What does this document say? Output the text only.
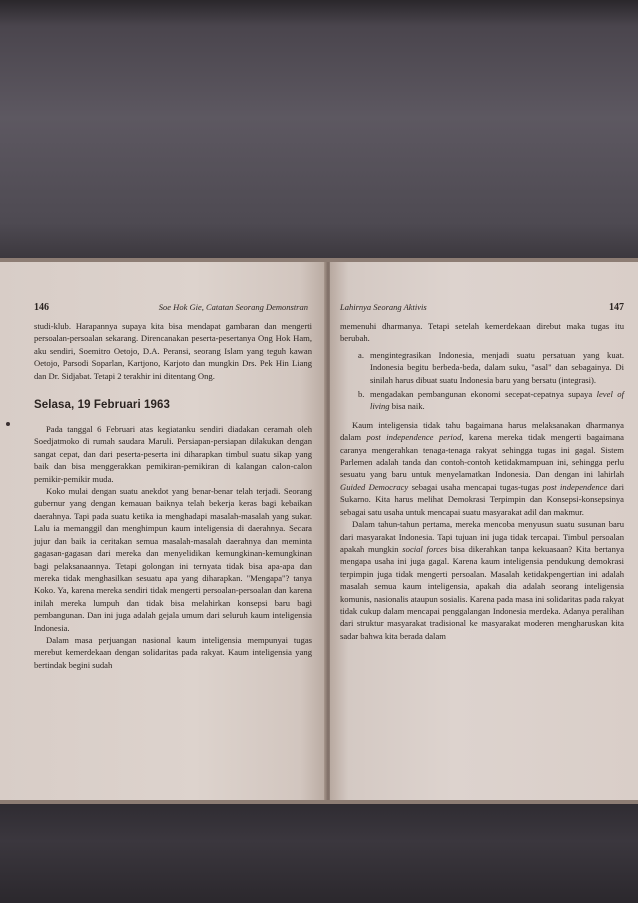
146	Soe Hok Gie, Catatan Seorang Demonstran

studi-klub. Harapannya supaya kita bisa mendapat gambaran dan mengerti persoalan-persoalan sekarang. Direncanakan peserta-pesertanya Ong Hok Ham, aku sendiri, Soemitro Oetojo, D.A. Peransi, seorang Islam yang teguh kawan Oetojo, Parsodi Soparlan, Kartjono, Karjoto dan mungkin Drs. Pek Hin Liang dan Dr. Sidjabat. Tetapi 2 terakhir ini ditentang Ong.

Selasa, 19 Februari 1963

Pada tanggal 6 Februari atas kegiatanku sendiri diadakan ceramah oleh Soedjatmoko di rumah saudara Maruli. Persiapan-persiapan dilakukan dengan sangat cepat, dan dari peserta-peserta ini diharapkan timbul suatu sikap yang baik dan bisa menggerakkan pemikiran-pemikiran di kalangan calon-calon pemikir-pemikir muda.

Koko mulai dengan suatu anekdot yang benar-benar telah terjadi. Seorang gubernur yang dengan kemauan baiknya telah bekerja keras bagi kebaikan daerahnya. Tapi pada suatu ketika ia menghadapi masalah-masalah yang sukar. Lalu ia memanggil dan menghimpun kaum inteligensia di daerahnya. Secara jujur dan baik ia ceritakan semua masalah-masalah daerahnya dan meminta gagasan-gagasan dari mereka dan menyelidikan kemungkinan-kemungkinan bagi pelaksanaannya. Tetapi golongan ini ternyata tidak bisa apa-apa dan mereka tidak menghasilkan sesuatu apa yang diharapkan. "Mengapa"? tanya Koko. Ya, karena mereka sendiri tidak mengerti persoalan-persoalan dan karena inilah mereka lumpuh dan tidak bisa melahirkan konsepsi baru bagi pembangunan. Dan ini juga adalah gejala umum dari seluruh kaum inteligensia Indonesia.

Dalam masa perjuangan nasional kaum inteligensia mempunyai tugas merebut kemerdekaan dengan solidaritas pada rakyat. Kaum inteligensia yang bertindak begini sudah

Lahirnya Seorang Aktivis	147

memenuhi dharmanya. Tetapi setelah kemerdekaan direbut maka tugas itu berubah.

a. mengintegrasikan Indonesia, menjadi suatu persatuan yang kuat. Indonesia begitu berbeda-beda, dalam suku, "asal" dan sebagainya. Di sinilah harus dibuat suatu Indonesia baru yang bersatu (integrasi).
b. mengadakan pembangunan ekonomi secepat-cepatnya supaya level of living bisa naik.

Kaum inteligensia tidak tahu bagaimana harus melaksanakan dharmanya dalam post independence period, karena mereka tidak mengerti bagaimana caranya mengerahkan tenaga-tenaga rakyat sehingga tugas ini gagal. Sistem Parlemen adalah tanda dan contoh-contoh ketidakmampuan ini, sehingga perlu sesuatu yang baru untuk menyelamatkan Indonesia. Dan dengan ini lahirlah Guided Democracy sebagai usaha mencapai tugas-tugas post independence dari Sukarno. Kita harus melihat Demokrasi Terpimpin dan Konsepsi-konsepsinya sebagai satu usaha untuk mencapai suatu masyarakat adil dan makmur.

Dalam tahun-tahun pertama, mereka mencoba menyusun suatu susunan baru dari masyarakat Indonesia. Tapi tujuan ini juga tidak tercapai. Timbul persoalan apakah mungkin social forces bisa dikerahkan tanpa kekuasaan? Kita bertanya mengapa usaha ini juga gagal. Karena kaum inteligensia pendukung demokrasi terpimpin juga tidak mengerti persoalan. Masalah ketidakpengertian ini adalah masalah semua kaum inteligensia, apakah dia adalah seorang inteligensia komunis, nasionalis ataupun sosialis. Karena pada masa ini solidaritas pada rakyat tidak cukup dalam mencapai penggalangan Indonesia merdeka. Adanya peralihan dari struktur masyarakat tradisional ke masyarakat moderen mengharuskan kita sadar bahwa kita berada dalam
